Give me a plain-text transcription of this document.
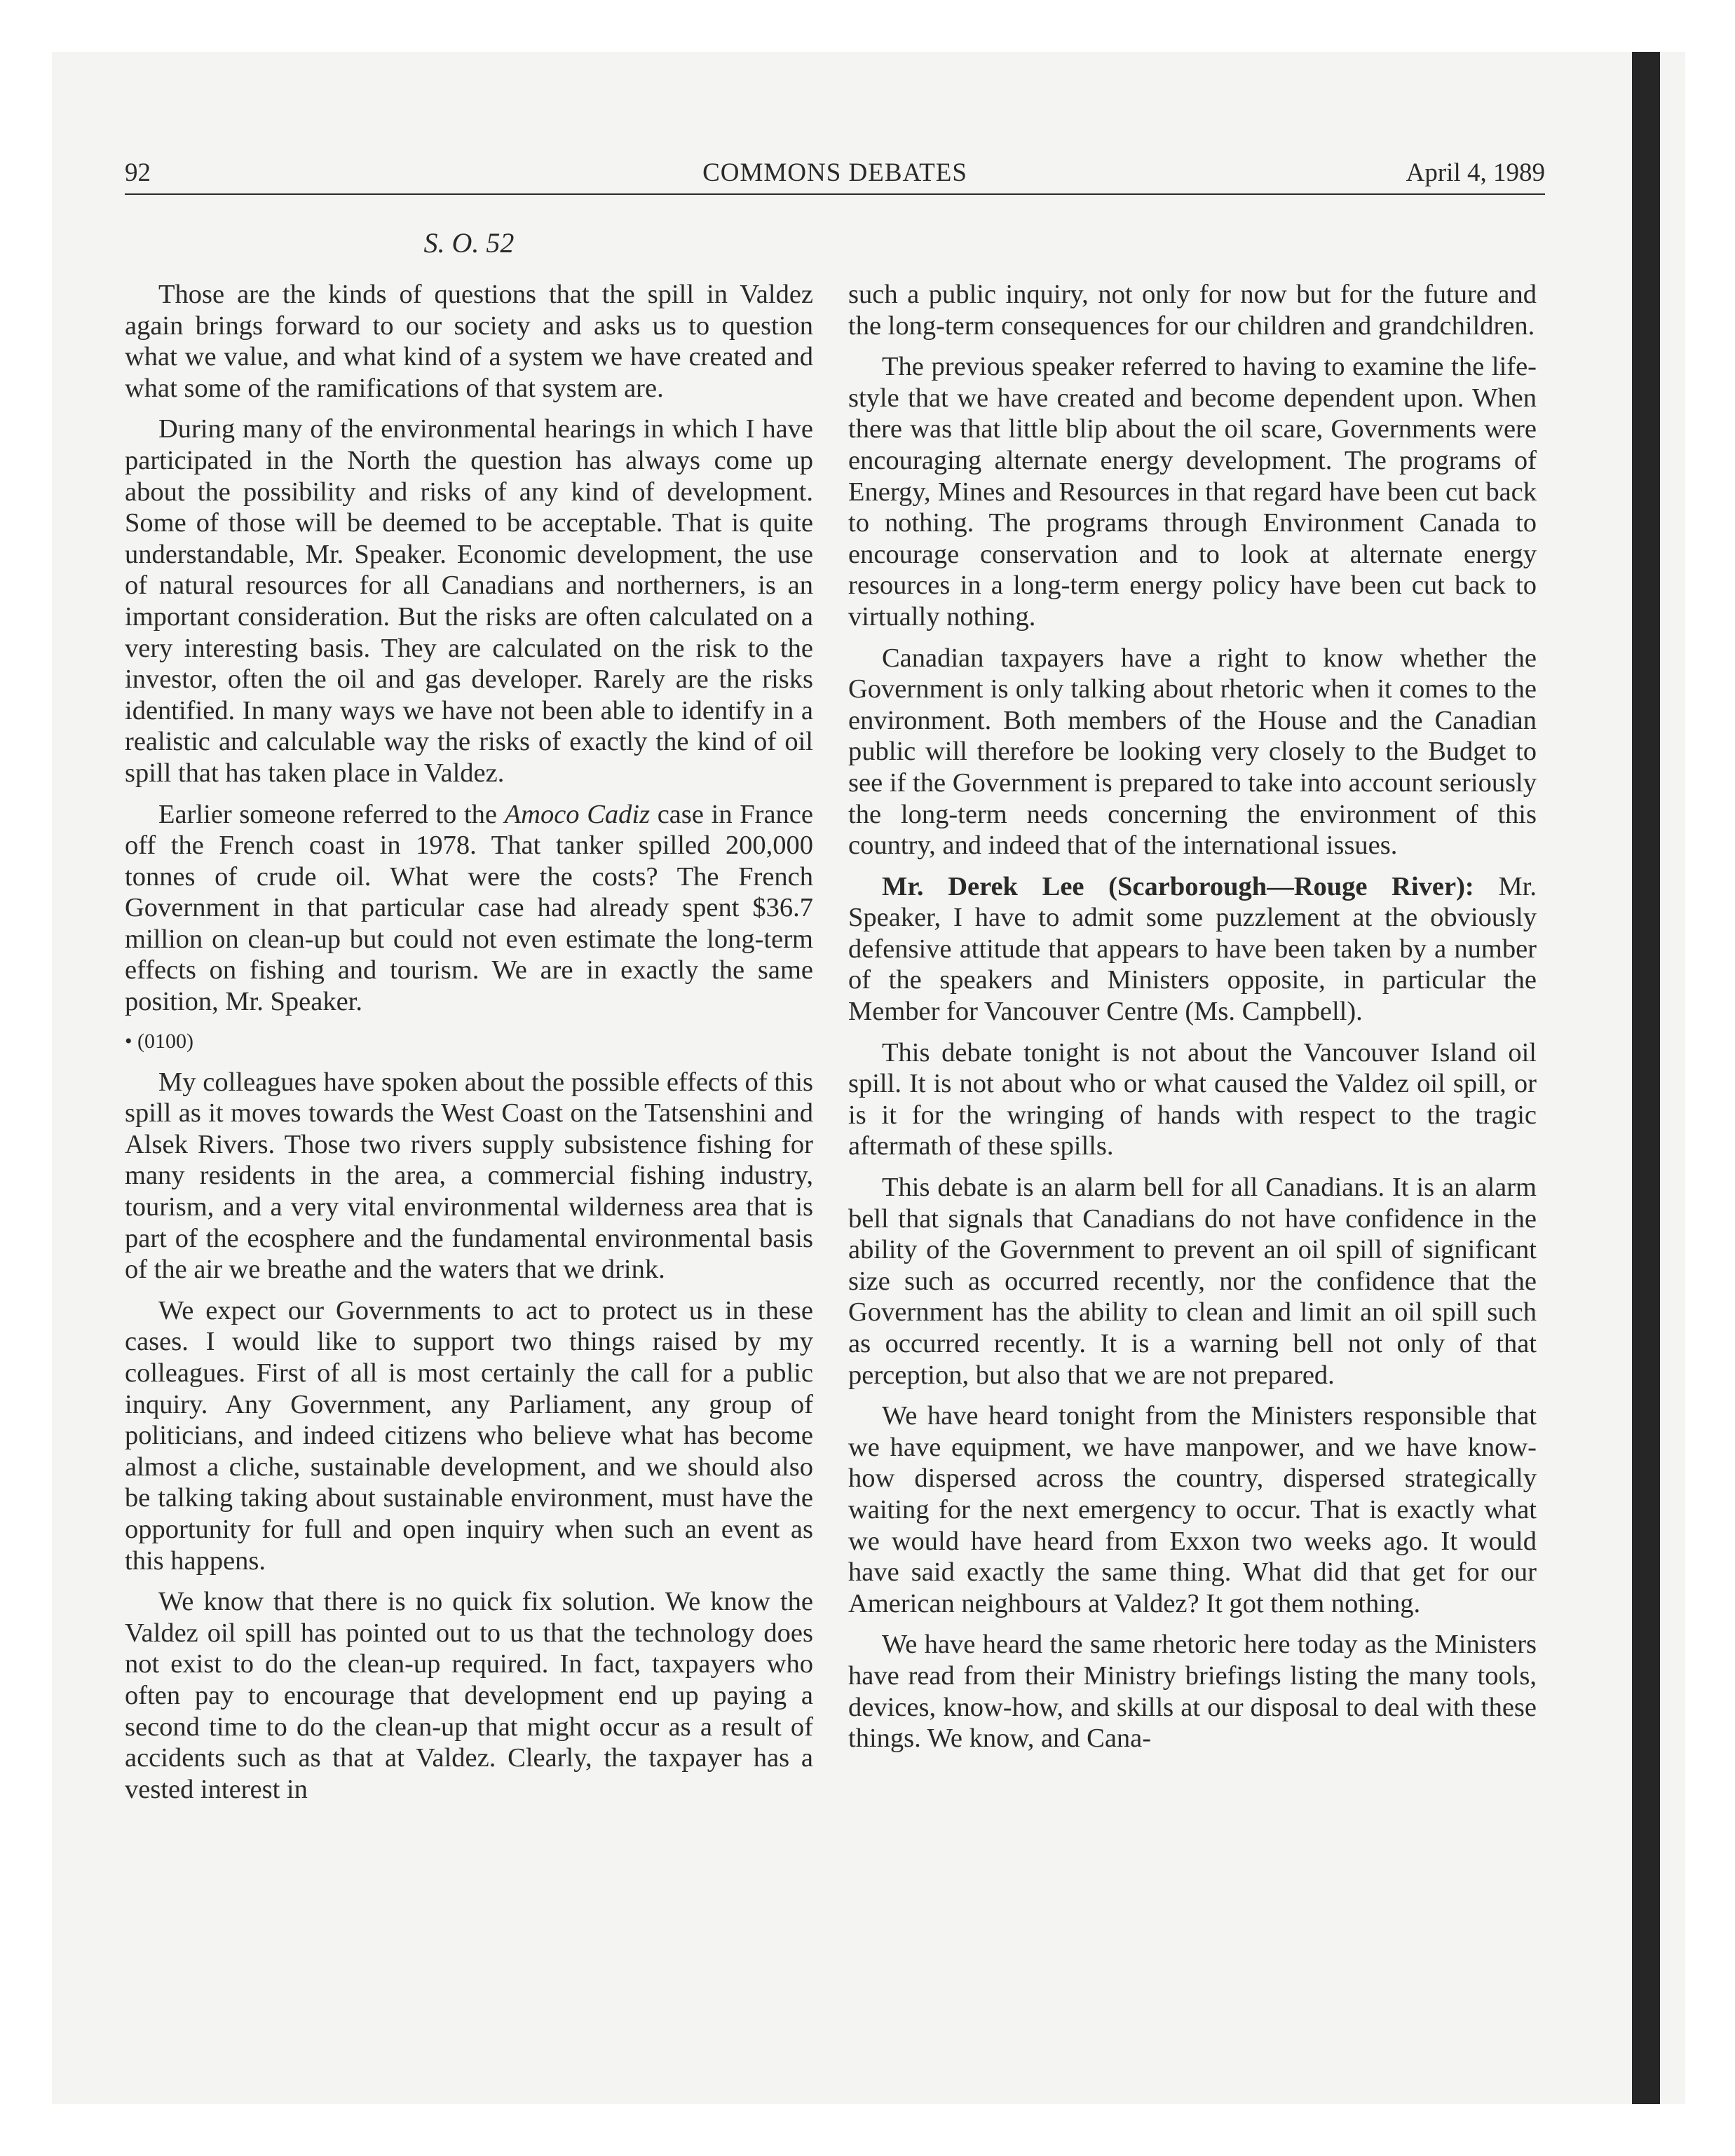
92	COMMONS DEBATES	April 4, 1989
S. O. 52

Those are the kinds of questions that the spill in Valdez again brings forward to our society and asks us to question what we value, and what kind of a system we have created and what some of the ramifications of that system are.

During many of the environmental hearings in which I have participated in the North the question has always come up about the possibility and risks of any kind of development. Some of those will be deemed to be acceptable. That is quite understandable, Mr. Speaker. Economic development, the use of natural resources for all Canadians and northerners, is an important consideration. But the risks are often calculated on a very interesting basis. They are calculated on the risk to the investor, often the oil and gas developer. Rarely are the risks identified. In many ways we have not been able to identify in a realistic and calculable way the risks of exactly the kind of oil spill that has taken place in Valdez.

Earlier someone referred to the Amoco Cadiz case in France off the French coast in 1978. That tanker spilled 200,000 tonnes of crude oil. What were the costs? The French Government in that particular case had already spent $36.7 million on clean-up but could not even estimate the long-term effects on fishing and tourism. We are in exactly the same position, Mr. Speaker.

• (0100)

My colleagues have spoken about the possible effects of this spill as it moves towards the West Coast on the Tatsenshini and Alsek Rivers. Those two rivers supply subsistence fishing for many residents in the area, a commercial fishing industry, tourism, and a very vital environmental wilderness area that is part of the ecosphere and the fundamental environmental basis of the air we breathe and the waters that we drink.

We expect our Governments to act to protect us in these cases. I would like to support two things raised by my colleagues. First of all is most certainly the call for a public inquiry. Any Government, any Parliament, any group of politicians, and indeed citizens who believe what has become almost a cliche, sustainable development, and we should also be talking taking about sustainable environment, must have the opportunity for full and open inquiry when such an event as this happens.

We know that there is no quick fix solution. We know the Valdez oil spill has pointed out to us that the technology does not exist to do the clean-up required. In fact, taxpayers who often pay to encourage that development end up paying a second time to do the clean-up that might occur as a result of accidents such as that at Valdez. Clearly, the taxpayer has a vested interest in

such a public inquiry, not only for now but for the future and the long-term consequences for our children and grandchildren.

The previous speaker referred to having to examine the life-style that we have created and become dependent upon. When there was that little blip about the oil scare, Governments were encouraging alternate energy development. The programs of Energy, Mines and Resources in that regard have been cut back to nothing. The programs through Environment Canada to encourage conservation and to look at alternate energy resources in a long-term energy policy have been cut back to virtually nothing.

Canadian taxpayers have a right to know whether the Government is only talking about rhetoric when it comes to the environment. Both members of the House and the Canadian public will therefore be looking very closely to the Budget to see if the Government is prepared to take into account seriously the long-term needs concerning the environment of this country, and indeed that of the international issues.

Mr. Derek Lee (Scarborough—Rouge River): Mr. Speaker, I have to admit some puzzlement at the obviously defensive attitude that appears to have been taken by a number of the speakers and Ministers opposite, in particular the Member for Vancouver Centre (Ms. Campbell).

This debate tonight is not about the Vancouver Island oil spill. It is not about who or what caused the Valdez oil spill, or is it for the wringing of hands with respect to the tragic aftermath of these spills.

This debate is an alarm bell for all Canadians. It is an alarm bell that signals that Canadians do not have confidence in the ability of the Government to prevent an oil spill of significant size such as occurred recently, nor the confidence that the Government has the ability to clean and limit an oil spill such as occurred recently. It is a warning bell not only of that perception, but also that we are not prepared.

We have heard tonight from the Ministers responsible that we have equipment, we have manpower, and we have know-how dispersed across the country, dispersed strategically waiting for the next emergency to occur. That is exactly what we would have heard from Exxon two weeks ago. It would have said exactly the same thing. What did that get for our American neighbours at Valdez? It got them nothing.

We have heard the same rhetoric here today as the Ministers have read from their Ministry briefings listing the many tools, devices, know-how, and skills at our disposal to deal with these things. We know, and Cana-
